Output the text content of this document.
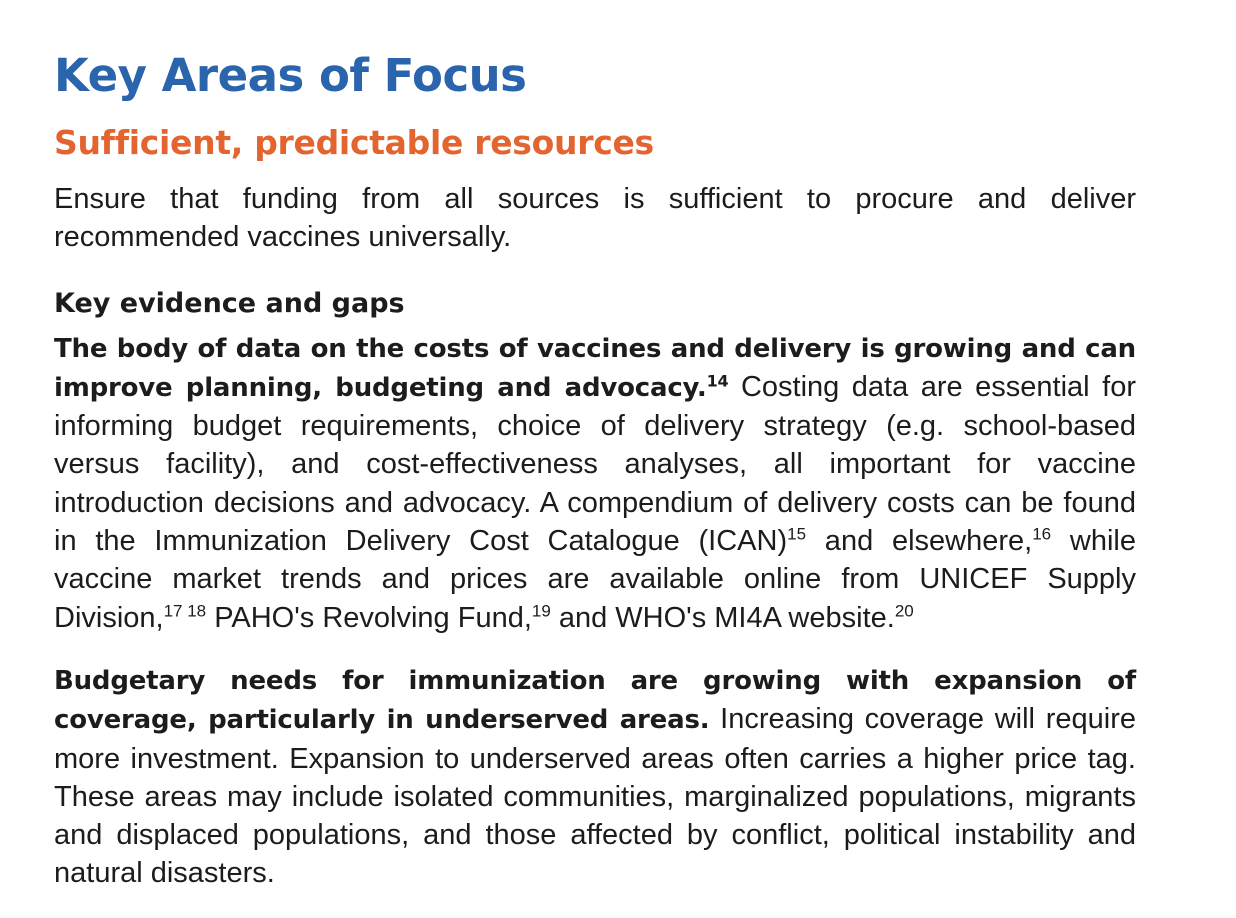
Key Areas of Focus
Sufficient, predictable resources

Ensure that funding from all sources is sufficient to procure and deliver recommended vaccines universally.

Key evidence and gaps

The body of data on the costs of vaccines and delivery is growing and can improve planning, budgeting and advocacy.$^{14}$ Costing data are essential for informing budget requirements, choice of delivery strategy (e.g. school-based versus facility), and cost-effectiveness analyses, all important for vaccine introduction decisions and advocacy. A compendium of delivery costs can be found in the Immunization Delivery Cost Catalogue (ICAN)$^{15}$ and elsewhere,$^{16}$ while vaccine market trends and prices are available online from UNICEF Supply Division,$^{17 18}$ PAHO's Revolving Fund,$^{19}$ and WHO's MI4A website.$^{20}$

Budgetary needs for immunization are growing with expansion of coverage, particularly in underserved areas. Increasing coverage will require more investment. Expansion to underserved areas often carries a higher price tag. These areas may include isolated communities, marginalized populations, migrants and displaced populations, and those affected by conflict, political instability and natural disasters.
